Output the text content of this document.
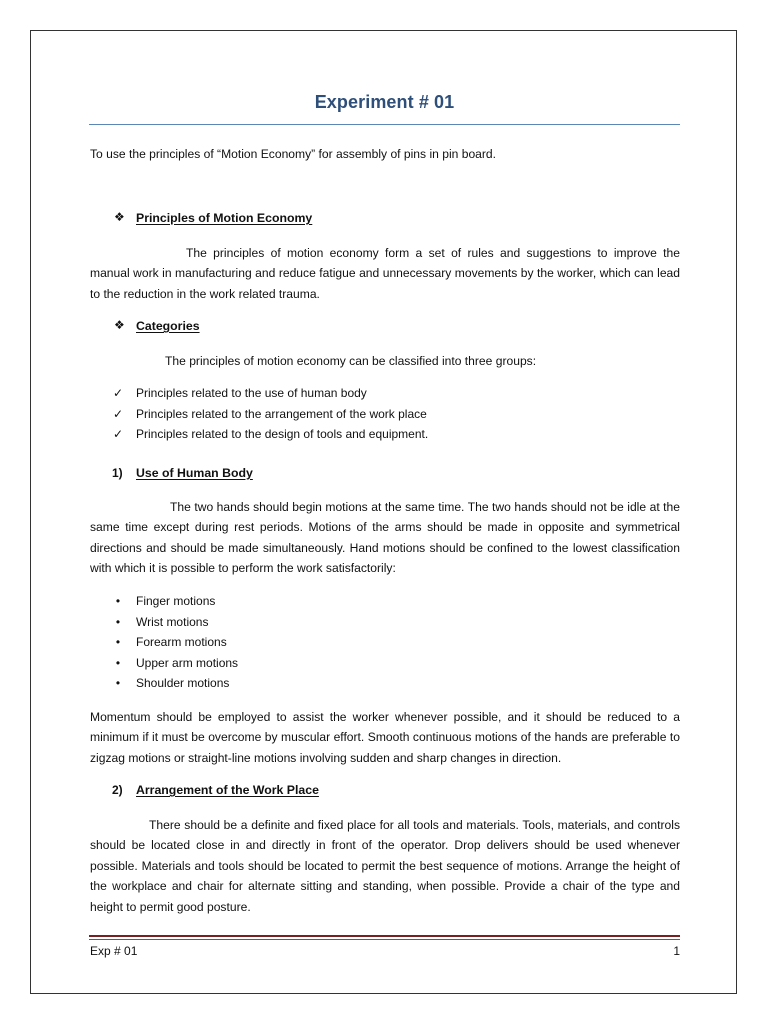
Experiment # 01

To use the principles of “Motion Economy” for assembly of pins in pin board.

❖ Principles of Motion Economy

The principles of motion economy form a set of rules and suggestions to improve the manual work in manufacturing and reduce fatigue and unnecessary movements by the worker, which can lead to the reduction in the work related trauma.

❖ Categories

The principles of motion economy can be classified into three groups:

✓ Principles related to the use of human body
✓ Principles related to the arrangement of the work place
✓ Principles related to the design of tools and equipment.
1) Use of Human Body

The two hands should begin motions at the same time. The two hands should not be idle at the same time except during rest periods. Motions of the arms should be made in opposite and symmetrical directions and should be made simultaneously. Hand motions should be confined to the lowest classification with which it is possible to perform the work satisfactorily:

•	Finger motions
•	Wrist motions
•	Forearm motions
•	Upper arm motions
•	Shoulder motions

Momentum should be employed to assist the worker whenever possible, and it should be reduced to a minimum if it must be overcome by muscular effort. Smooth continuous motions of the hands are preferable to zigzag motions or straight-line motions involving sudden and sharp changes in direction.

2) Arrangement of the Work Place

There should be a definite and fixed place for all tools and materials. Tools, materials, and controls should be located close in and directly in front of the operator. Drop delivers should be used whenever possible. Materials and tools should be located to permit the best sequence of motions. Arrange the height of the workplace and chair for alternate sitting and standing, when possible. Provide a chair of the type and height to permit good posture.

Exp # 01	1
